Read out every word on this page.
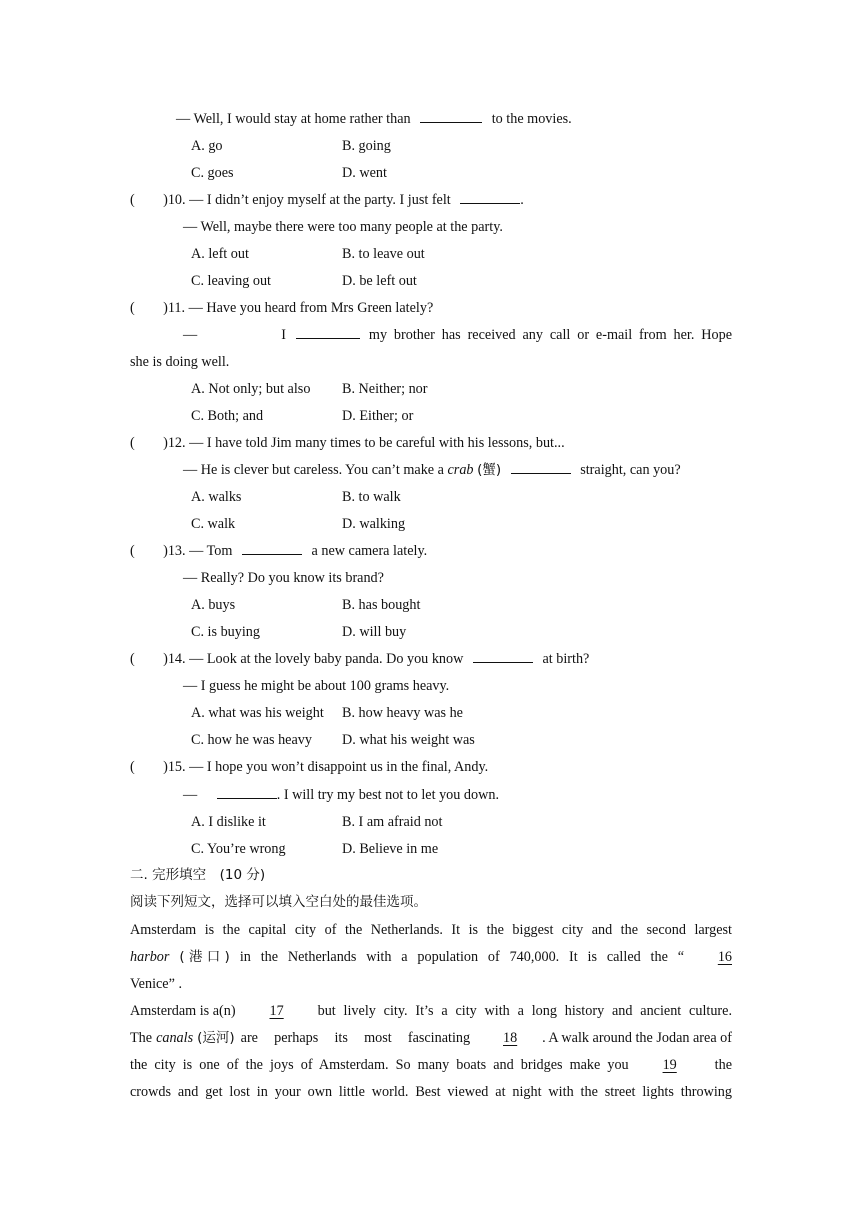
— Well, I would stay at home rather than	to the movies.
A. go	B. going
C. goes	D. went
(　　)10. — I didn’t enjoy myself at the party. I just felt	.
— Well, maybe there were too many people at the party.
A. left out	B. to leave out
C. leaving out	D. be left out
(　　)11. — Have you heard from Mrs Green lately?
—	I	my brother has received any call or e-mail from her. Hope
she is doing well.
A. Not only; but also B. Neither; nor
C. Both; and	D. Either; or
(　　)12. — I have told Jim many times to be careful with his lessons, but...
— He is clever but careless. You can’t make a crab (蟹)	straight, can you?
A. walks	B. to walk
C. walk	D. walking
(　　)13. — Tom	a new camera lately.
— Really? Do you know its brand?
A. buys	B. has bought
C. is buying	D. will buy
(　　)14. — Look at the lovely baby panda. Do you know	at birth?
— I guess he might be about 100 grams heavy.
A. what was his weight B. how heavy was he
C. how he was heavy D. what his weight was
(　　)15. — I hope you won’t disappoint us in the final, Andy.
—	. I will try my best not to let you down.
A. I dislike it	B. I am afraid not
C. You’re wrong	D. Believe in me
二. 完形填空　(10 分)
阅读下列短文，选择可以填入空白处的最佳选项。
Amsterdam is the capital city of the Netherlands. It is the biggest city and the second largest
harbor ( 港 口 ) in the Netherlands with a population of 740,000. It is called the “	16
Venice” .
Amsterdam is a(n)	17	but lively city. It’s a city with a long history and ancient culture.
The canals (运河) are perhaps its most fascinating	18	. A walk around the Jodan area of
the city is one of the joys of Amsterdam. So many boats and bridges make you	19	the
crowds and get lost in your own little world. Best viewed at night with the street lights throwing
